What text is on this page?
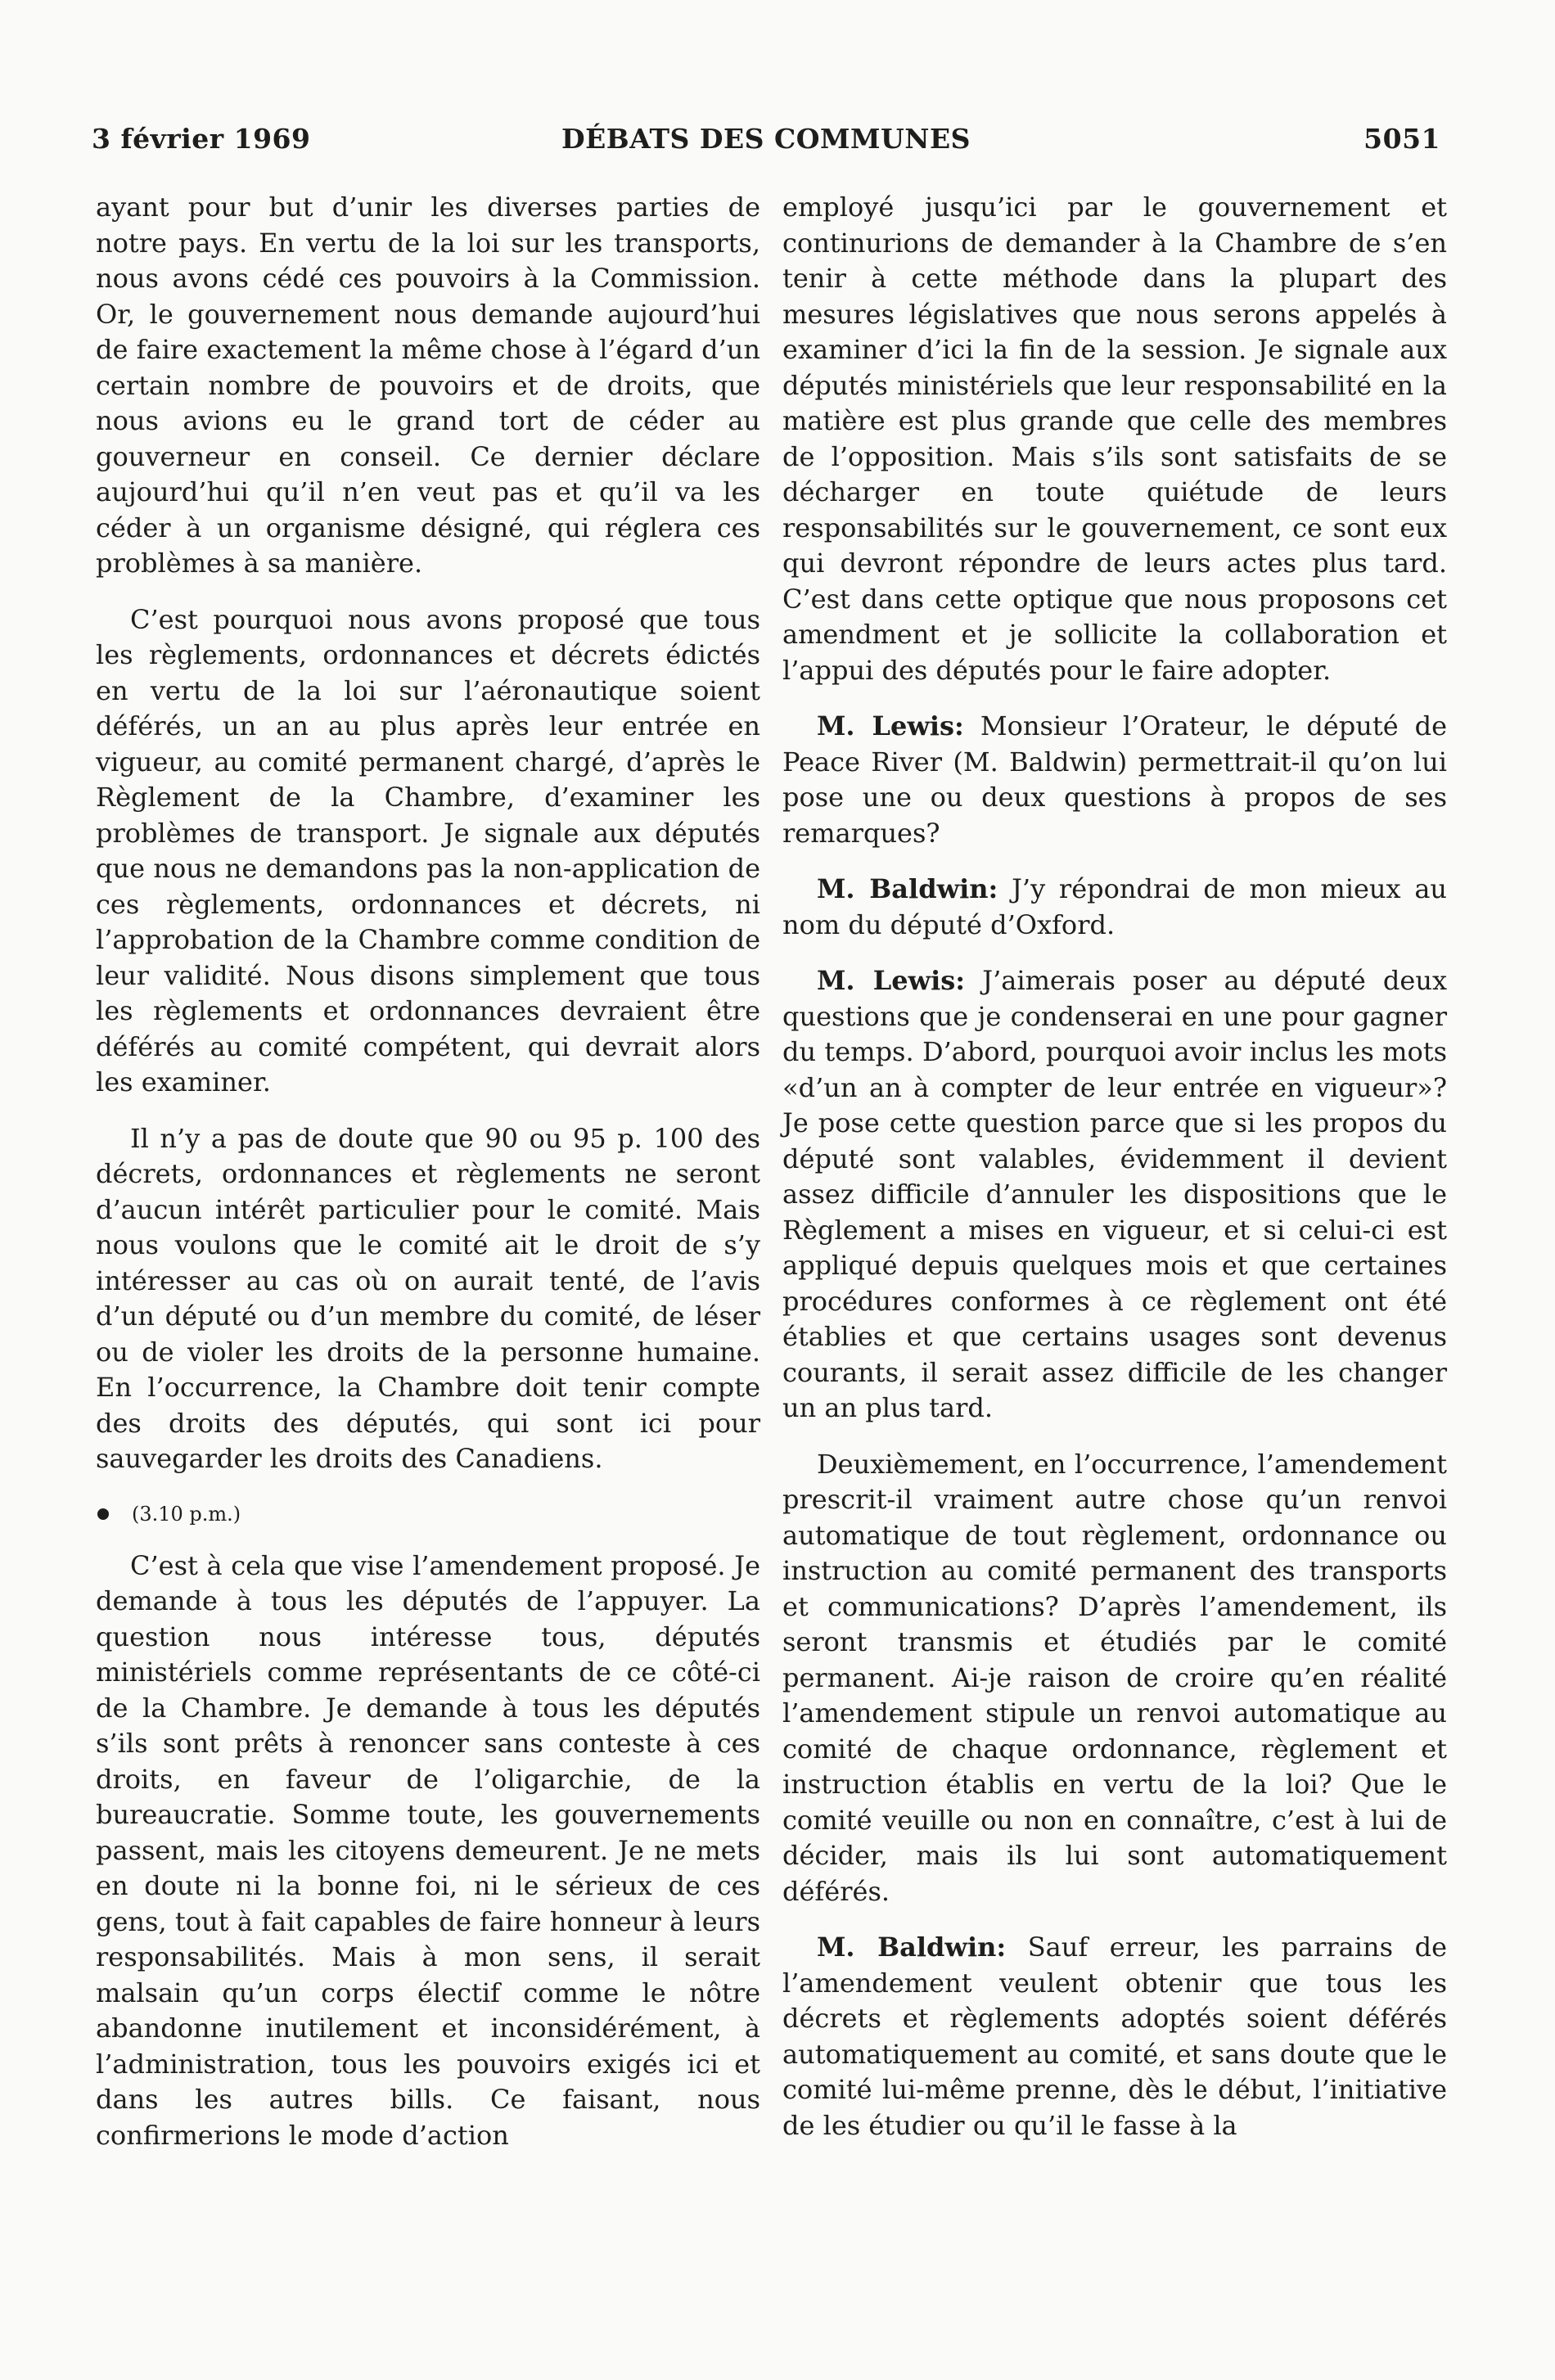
3 février 1969	DÉBATS DES COMMUNES	5051

ayant pour but d’unir les diverses parties de notre pays. En vertu de la loi sur les transports, nous avons cédé ces pouvoirs à la Commission. Or, le gouvernement nous demande aujourd’hui de faire exactement la même chose à l’égard d’un certain nombre de pouvoirs et de droits, que nous avions eu le grand tort de céder au gouverneur en conseil. Ce dernier déclare aujourd’hui qu’il n’en veut pas et qu’il va les céder à un organisme désigné, qui réglera ces problèmes à sa manière.

C’est pourquoi nous avons proposé que tous les règlements, ordonnances et décrets édictés en vertu de la loi sur l’aéronautique soient déférés, un an au plus après leur entrée en vigueur, au comité permanent chargé, d’après le Règlement de la Chambre, d’examiner les problèmes de transport. Je signale aux députés que nous ne demandons pas la non-application de ces règlements, ordonnances et décrets, ni l’approbation de la Chambre comme condition de leur validité. Nous disons simplement que tous les règlements et ordonnances devraient être déférés au comité compétent, qui devrait alors les examiner.

Il n’y a pas de doute que 90 ou 95 p. 100 des décrets, ordonnances et règlements ne seront d’aucun intérêt particulier pour le comité. Mais nous voulons que le comité ait le droit de s’y intéresser au cas où on aurait tenté, de l’avis d’un député ou d’un membre du comité, de léser ou de violer les droits de la personne humaine. En l’occurrence, la Chambre doit tenir compte des droits des députés, qui sont ici pour sauvegarder les droits des Canadiens.

(3.10 p.m.)

C’est à cela que vise l’amendement proposé. Je demande à tous les députés de l’appuyer. La question nous intéresse tous, députés ministériels comme représentants de ce côté-ci de la Chambre. Je demande à tous les députés s’ils sont prêts à renoncer sans conteste à ces droits, en faveur de l’oligarchie, de la bureaucratie. Somme toute, les gouvernements passent, mais les citoyens demeurent. Je ne mets en doute ni la bonne foi, ni le sérieux de ces gens, tout à fait capables de faire honneur à leurs responsabilités. Mais à mon sens, il serait malsain qu’un corps électif comme le nôtre abandonne inutilement et inconsidérément, à l’administration, tous les pouvoirs exigés ici et dans les autres bills. Ce faisant, nous confirmerions le mode d’action

employé jusqu’ici par le gouvernement et continurions de demander à la Chambre de s’en tenir à cette méthode dans la plupart des mesures législatives que nous serons appelés à examiner d’ici la fin de la session. Je signale aux députés ministériels que leur responsabilité en la matière est plus grande que celle des membres de l’opposition. Mais s’ils sont satisfaits de se décharger en toute quiétude de leurs responsabilités sur le gouvernement, ce sont eux qui devront répondre de leurs actes plus tard. C’est dans cette optique que nous proposons cet amendment et je sollicite la collaboration et l’appui des députés pour le faire adopter.

M. Lewis: Monsieur l’Orateur, le député de Peace River (M. Baldwin) permettrait-il qu’on lui pose une ou deux questions à propos de ses remarques?

M. Baldwin: J’y répondrai de mon mieux au nom du député d’Oxford.

M. Lewis: J’aimerais poser au député deux questions que je condenserai en une pour gagner du temps. D’abord, pourquoi avoir inclus les mots «d’un an à compter de leur entrée en vigueur»? Je pose cette question parce que si les propos du député sont valables, évidemment il devient assez difficile d’annuler les dispositions que le Règlement a mises en vigueur, et si celui-ci est appliqué depuis quelques mois et que certaines procédures conformes à ce règlement ont été établies et que certains usages sont devenus courants, il serait assez difficile de les changer un an plus tard.

Deuxièmement, en l’occurrence, l’amendement prescrit-il vraiment autre chose qu’un renvoi automatique de tout règlement, ordonnance ou instruction au comité permanent des transports et communications? D’après l’amendement, ils seront transmis et étudiés par le comité permanent. Ai-je raison de croire qu’en réalité l’amendement stipule un renvoi automatique au comité de chaque ordonnance, règlement et instruction établis en vertu de la loi? Que le comité veuille ou non en connaître, c’est à lui de décider, mais ils lui sont automatiquement déférés.

M. Baldwin: Sauf erreur, les parrains de l’amendement veulent obtenir que tous les décrets et règlements adoptés soient déférés automatiquement au comité, et sans doute que le comité lui-même prenne, dès le début, l’initiative de les étudier ou qu’il le fasse à la
